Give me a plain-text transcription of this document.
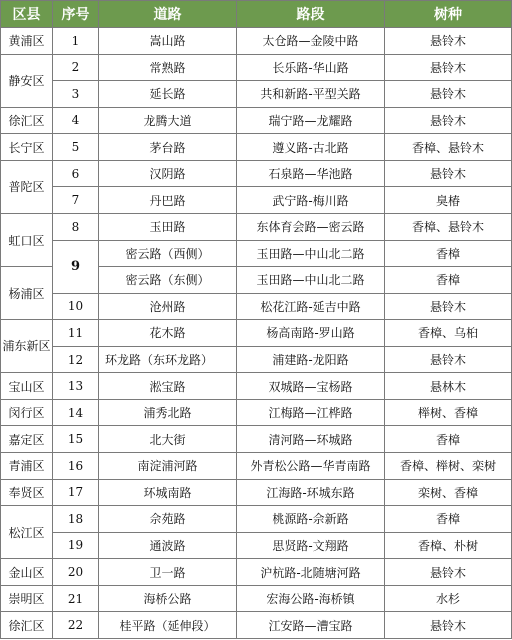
区县	序号	道路	路段	树种
黄浦区	1	嵩山路	太仓路—金陵中路	悬铃木
静安区	2	常熟路	长乐路-华山路	悬铃木
	3	延长路	共和新路-平型关路	悬铃木
徐汇区	4	龙腾大道	瑞宁路—龙耀路	悬铃木
长宁区	5	茅台路	遵义路-古北路	香樟、悬铃木
普陀区	6	汉阴路	石泉路—华池路	悬铃木
	7	丹巴路	武宁路-梅川路	臭椿
虹口区	8	玉田路	东体育会路—密云路	香樟、悬铃木
	9	密云路（西侧）	玉田路—中山北二路	香樟
杨浦区		密云路（东侧）	玉田路—中山北二路	香樟
	10	沧州路	松花江路-延吉中路	悬铃木
浦东新区	11	花木路	杨高南路-罗山路	香樟、乌桕
	12	环龙路（东环龙路）	浦建路-龙阳路	悬铃木
宝山区	13	淞宝路	双城路—宝杨路	悬林木
闵行区	14	浦秀北路	江梅路—江桦路	榉树、香樟
嘉定区	15	北大街	清河路—环城路	香樟
青浦区	16	南淀浦河路	外青松公路—华青南路	香樟、榉树、栾树
奉贤区	17	环城南路	江海路-环城东路	栾树、香樟
松江区	18	佘苑路	桃源路-佘新路	香樟
	19	通波路	思贤路-文翔路	香樟、朴树
金山区	20	卫一路	沪杭路-北随塘河路	悬铃木
崇明区	21	海桥公路	宏海公路-海桥镇	水杉
徐汇区	22	桂平路（延伸段）	江安路—漕宝路	悬铃木
